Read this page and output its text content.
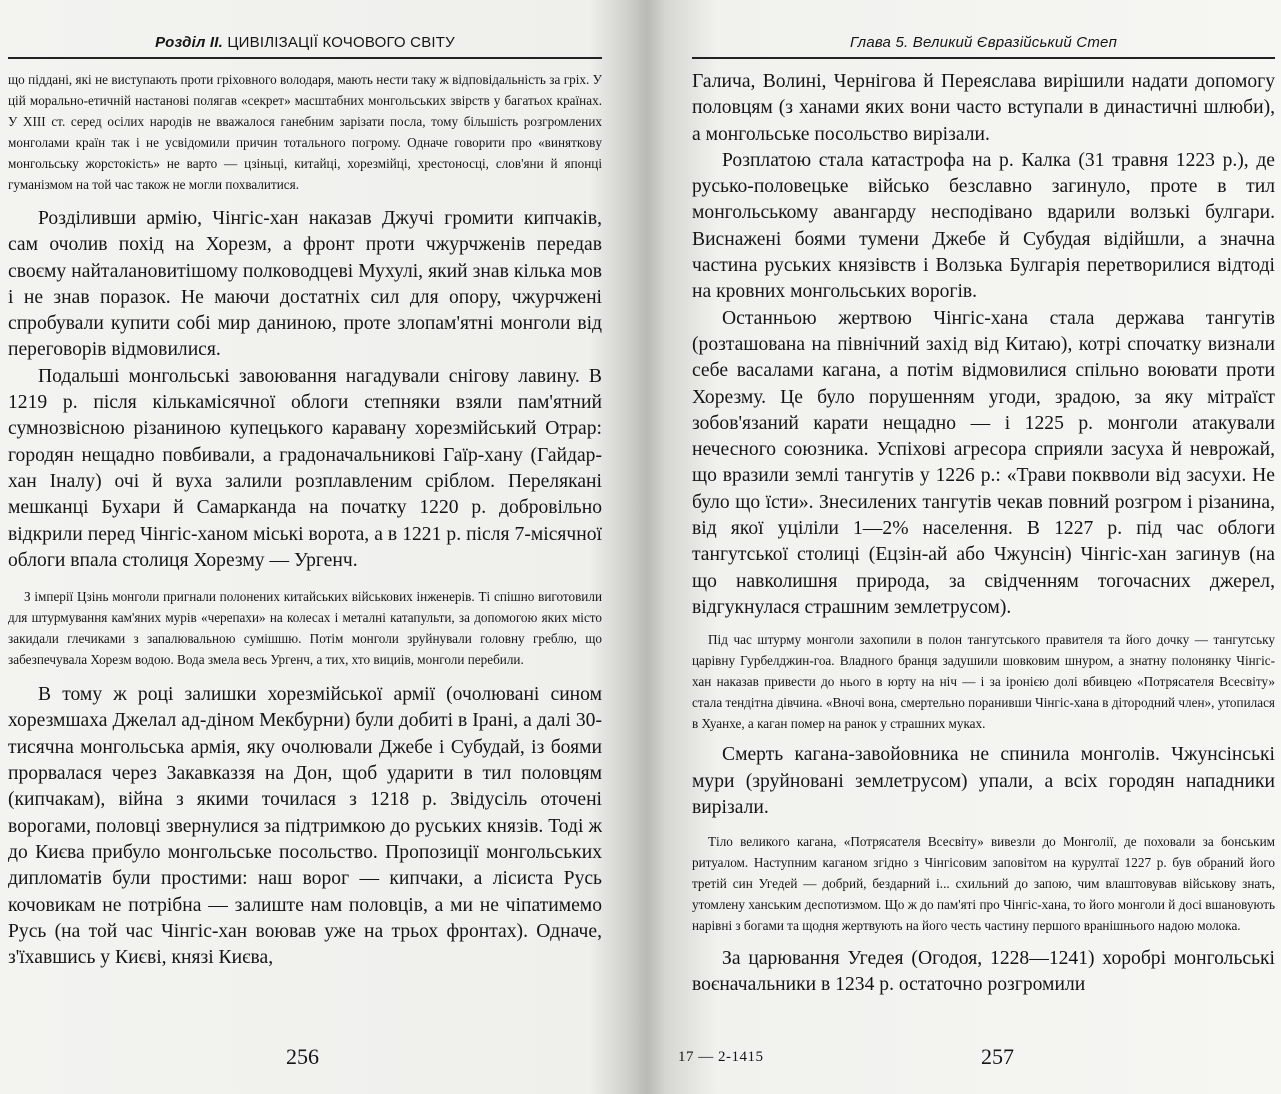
Розділ II. ЦИВІЛІЗАЦІЇ КОЧОВОГО СВІТУ

що піддані, які не виступають проти гріховного володаря, мають нести таку ж відповідальність за гріх. У цій морально-етичній настанові полягав «секрет» масштабних монгольських звірств у багатьох країнах. У XIII ст. серед осілих народів не вважалося ганебним зарізати посла, тому більшість розгромлених монголами країн так і не усвідомили причин тотального погрому. Одначе говорити про «винятковy монгольську жорстокість» не варто — цзіньці, китайці, хорезмійці, хрестоносці, слов'яни й японці гуманізмом на той час також не могли похвалитися.

Розділивши армію, Чінгіс-хан наказав Джучі громити кипчаків, сам очолив похід на Хорезм, а фронт проти чжурчженів передав своєму найталановитішому полководцеві Мухулі, який знав кілька мов і не знав поразок. Не маючи достатніх сил для опору, чжурчжені спробували купити собі мир даниною, проте злопам'ятні монголи від переговорів відмовилися.

Подальші монгольські завоювання нагадували снігову лавину. В 1219 р. після кількамісячної облоги степняки взяли пам'ятний сумнозвісною різаниною купецького каравану хорезмійський Отрар: городян нещадно повбивали, а градоначальникові Гаїр-хану (Гайдар-хан Іналу) очі й вуха залили розплавленим сріблом. Переляканi мешканцi Бухари й Самарканда на початку 1220 р. добровільно відкрили перед Чінгіс-ханом міські ворота, а в 1221 р. після 7-місячної облоги впала столиця Хорезму — Ургенч.

З імперії Цзінь монголи пригнали полонених китайських військових інженерів. Ті спішно виготовили для штурмування кам'яних мурів «черепахи» на колесах і металні катапульти, за допомогою яких місто закидали глечиками з запалювальною сумішшю. Потім монголи зруйнували головну греблю, що забезпечувала Хорезм водою. Вода змела весь Ургенч, а тих, хто вициів, монголи перебили.

В тому ж році залишки хорезмійської армії (очолювані сином хорезмшаха Джелал ад-діном Мекбурни) були добиті в Ірані, а далі 30-тисячна монгольська армія, яку очолювали Джебе і Субудай, із боями прорвалася через Закавказзя на Дон, щоб ударити в тил половцям (кипчакам), війна з якими точилася з 1218 р. Звідусіль оточені ворогами, половці звернулися за підтримкою до руських князів. Тоді ж до Києва прибуло монгольське посольство. Пропозиції монгольських дипломатів були простими: наш ворог — кипчаки, а лісиста Русь кочовикам не потрібна — залиште нам половців, а ми не чіпатимемо Русь (на той час Чінгіс-хан воював уже на трьох фронтах). Одначе, з'їхавшись у Києві, князі Києва,

256
Глава 5. Великий Євразійський Степ

Галича, Волині, Чернігова й Переяслава вирішили надати допомогу половцям (з ханами яких вони часто вступали в династичні шлюби), а монгольське посольство вирізали.

Розплатою стала катастрофа на р. Калка (31 травня 1223 р.), де русько-половецьке військо безславно загинуло, проте в тил монгольському авангарду несподівано вдарили волзькі булгари. Виснажені боями тумени Джебе й Субудая відійшли, а значна частина руських князівств і Волзька Булгарія перетворилися відтоді на кровних монгольських ворогів.

Останньою жертвою Чінгіс-хана стала держава тангутів (розташована на північний захід від Китаю), котрі спочатку визнали себе васалами кагана, а потім відмовилися спільно воювати проти Хорезму. Це було порушенням угоди, зрадою, за яку мітраїст зобов'язаний карати нещадно — і 1225 р. монголи атакували нечесного союзника. Успіхові агресора сприяли засуха й неврожай, що вразили землі тангутів у 1226 р.: «Трави поквволи від засухи. Не було що їсти». Знесилених тангутів чекав повний розгром і різанина, від якої уціліли 1—2% населення. В 1227 р. під час облоги тангутської столиці (Ецзін-ай або Чжунсін) Чінгіс-хан загинув (на що навколишня природа, за свідченням тогочасних джерел, відгукнулася страшним землетрусом).

Під час штурму монголи захопили в полон тангутського правителя та його дочку — тангутську царівну Гурбелджин-гоа. Владного бранця задушили шовковим шнуром, а знатну полонянку Чінгіс-хан наказав привести до нього в юрту на ніч — і за іронією долі вбивцею «Потрясателя Всесвіту» стала тендітна дівчина. «Вночі вона, смертельно поранивши Чінгіс-хана в дітородний член», утопилася в Хуанхе, а каган помер на ранок у страшних муках.

Смерть кагана-завойовника не спинила монголів. Чжунсінські мури (зруйновані землетрусом) упали, а всіх городян нападники вирізали.

Тіло великого кагана, «Потрясателя Всесвіту» вивезли до Монголії, де поховали за бонським ритуалом. Наступним каганом згідно з Чінгісовим заповітом на курултаї 1227 р. був обраний його третій син Угедей — добрий, бездарний і... схильний до запою, чим влаштовував військову знать, утомлену ханським деспотизмом. Що ж до пам'яті про Чінгіс-хана, то його монголи й досі вшановують нарівні з богами та щодня жертвують на його честь частину першого вранішнього надою молока.

За царювання Угедея (Огодоя, 1228—1241) хоробрі монгольські воєначальники в 1234 р. остаточно розгромили

17 — 2-1415	257
